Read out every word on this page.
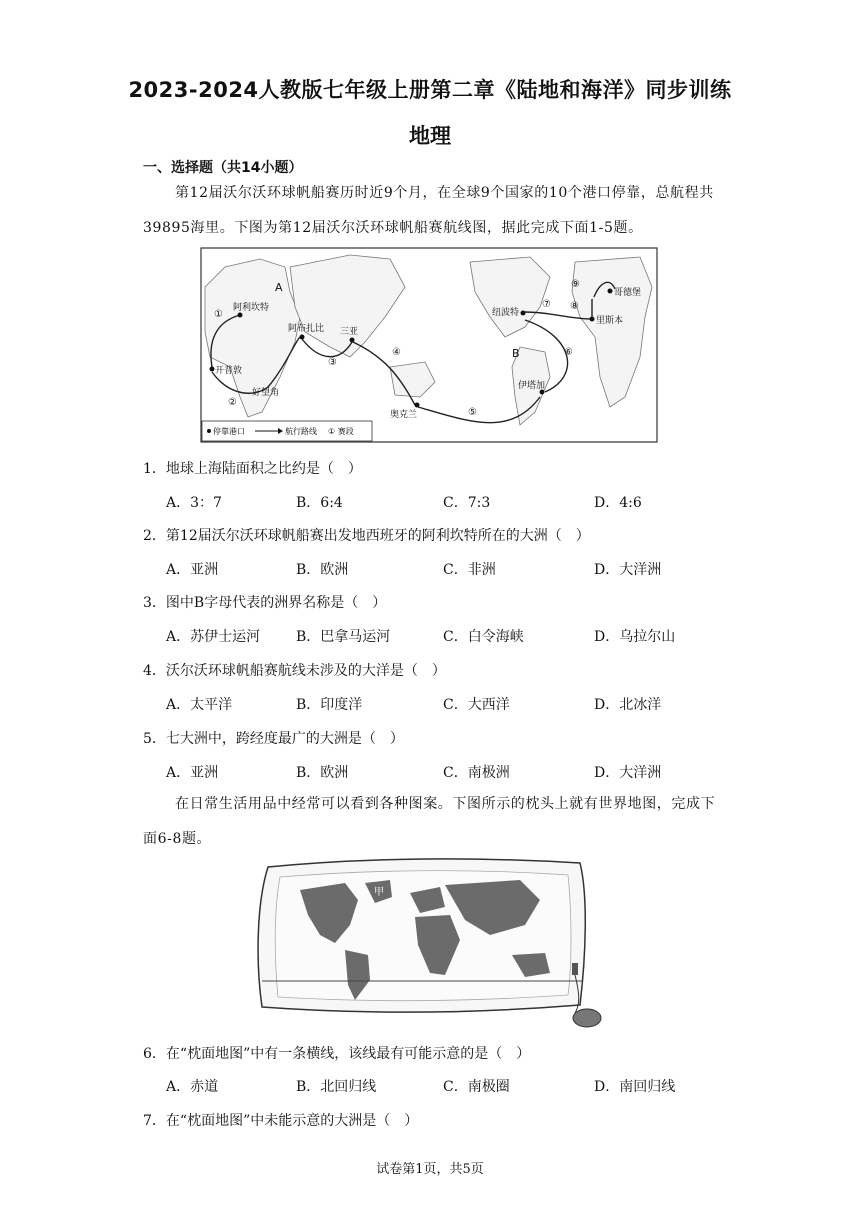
2023-2024人教版七年级上册第二章《陆地和海洋》同步训练
地理
一、选择题（共14小题）
第12届沃尔沃环球帆船赛历时近9个月，在全球9个国家的10个港口停靠，总航程共39895海里。下图为第12届沃尔沃环球帆船赛航线图，据此完成下面1-5题。
A
B
阿利坎特
开普敦
好望角
阿布扎比 三亚
奥克兰
伊塔加
纽波特
里斯本
哥德堡
①
②
③
④
⑤
⑥
⑦ ⑧
⑨
停靠港口	航行路线 ① 赛段
1．地球上海陆面积之比约是（　）
A．3：7	B．6:4	C．7:3	D．4:6
2．第12届沃尔沃环球帆船赛出发地西班牙的阿利坎特所在的大洲（　）
A．亚洲	B．欧洲	C．非洲	D．大洋洲
3．图中B字母代表的洲界名称是（　）
A．苏伊士运河	B．巴拿马运河	C．白令海峡	D．乌拉尔山
4．沃尔沃环球帆船赛航线未涉及的大洋是（　）
A．太平洋	B．印度洋	C．大西洋	D．北冰洋
5．七大洲中，跨经度最广的大洲是（　）
A．亚洲	B．欧洲	C．南极洲	D．大洋洲
在日常生活用品中经常可以看到各种图案。下图所示的枕头上就有世界地图，完成下面6-8题。
甲
6．在“枕面地图”中有一条横线，该线最有可能示意的是（　）
A．赤道	B．北回归线	C．南极圈	D．南回归线
7．在“枕面地图”中未能示意的大洲是（　）
试卷第1页，共5页
